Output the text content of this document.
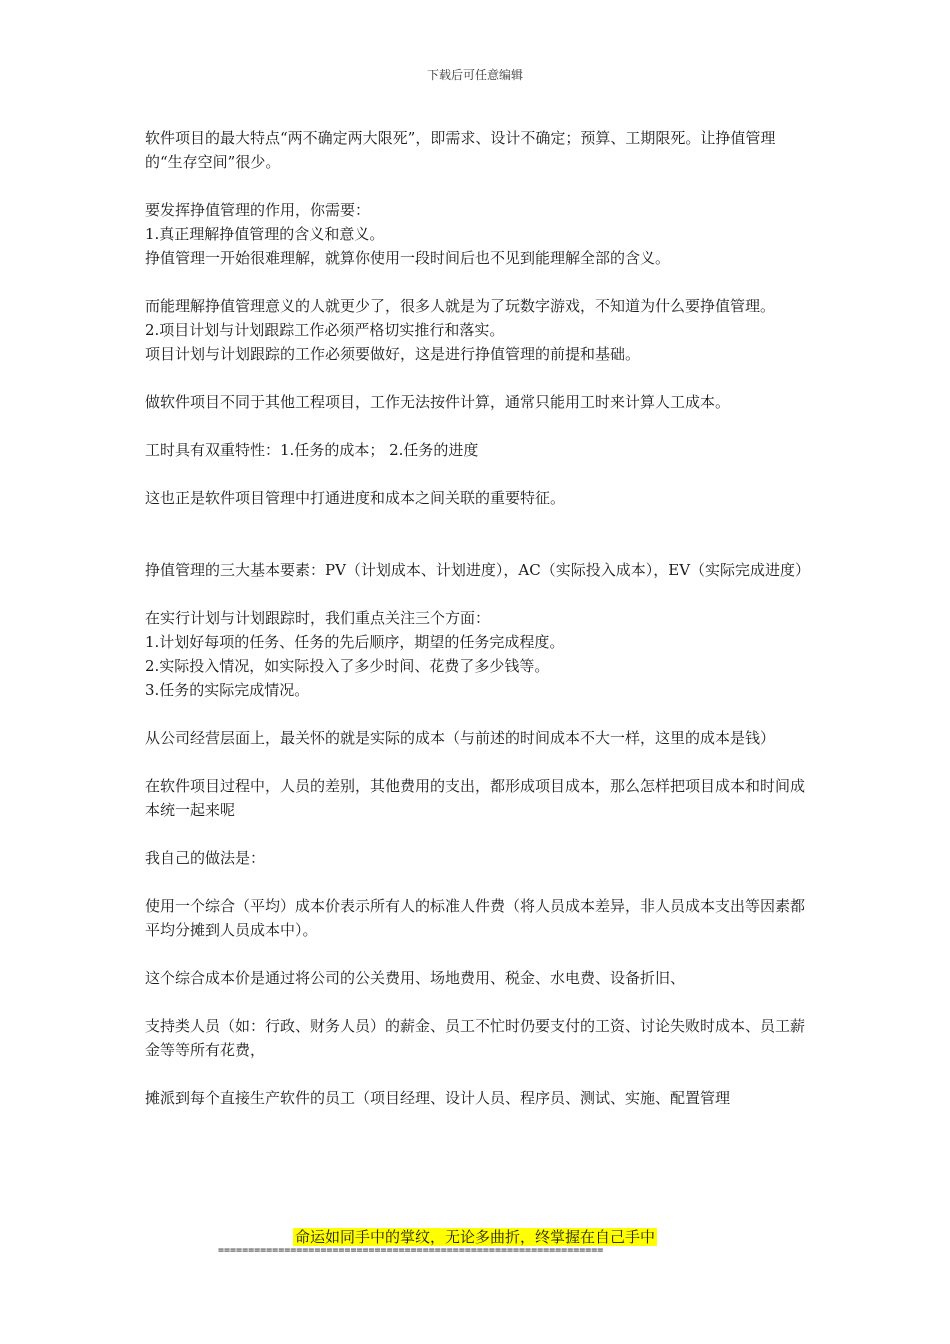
下载后可任意编辑

软件项目的最大特点“两不确定两大限死”，即需求、设计不确定；预算、工期限死。让挣值管理的“生存空间”很少。

要发挥挣值管理的作用，你需要：

1.真正理解挣值管理的含义和意义。

挣值管理一开始很难理解，就算你使用一段时间后也不见到能理解全部的含义。

而能理解挣值管理意义的人就更少了，很多人就是为了玩数字游戏，不知道为什么要挣值管理。

2.项目计划与计划跟踪工作必须严格切实推行和落实。

项目计划与计划跟踪的工作必须要做好，这是进行挣值管理的前提和基础。

做软件项目不同于其他工程项目，工作无法按件计算，通常只能用工时来计算人工成本。

工时具有双重特性：1.任务的成本； 2.任务的进度

这也正是软件项目管理中打通进度和成本之间关联的重要特征。

挣值管理的三大基本要素：PV（计划成本、计划进度），AC（实际投入成本），EV（实际完成进度）

在实行计划与计划跟踪时，我们重点关注三个方面：

1.计划好每项的任务、任务的先后顺序，期望的任务完成程度。

2.实际投入情况，如实际投入了多少时间、花费了多少钱等。

3.任务的实际完成情况。

从公司经营层面上，最关怀的就是实际的成本（与前述的时间成本不大一样，这里的成本是钱）

在软件项目过程中，人员的差别，其他费用的支出，都形成项目成本，那么怎样把项目成本和时间成本统一起来呢

我自己的做法是：

使用一个综合（平均）成本价表示所有人的标准人件费（将人员成本差异，非人员成本支出等因素都平均分摊到人员成本中）。

这个综合成本价是通过将公司的公关费用、场地费用、税金、水电费、设备折旧、

支持类人员（如：行政、财务人员）的薪金、员工不忙时仍要支付的工资、讨论失败时成本、员工薪金等等所有花费，

摊派到每个直接生产软件的员工（项目经理、设计人员、程序员、测试、实施、配置管理

命运如同手中的掌纹，无论多曲折，终掌握在自己手中
================================================================
